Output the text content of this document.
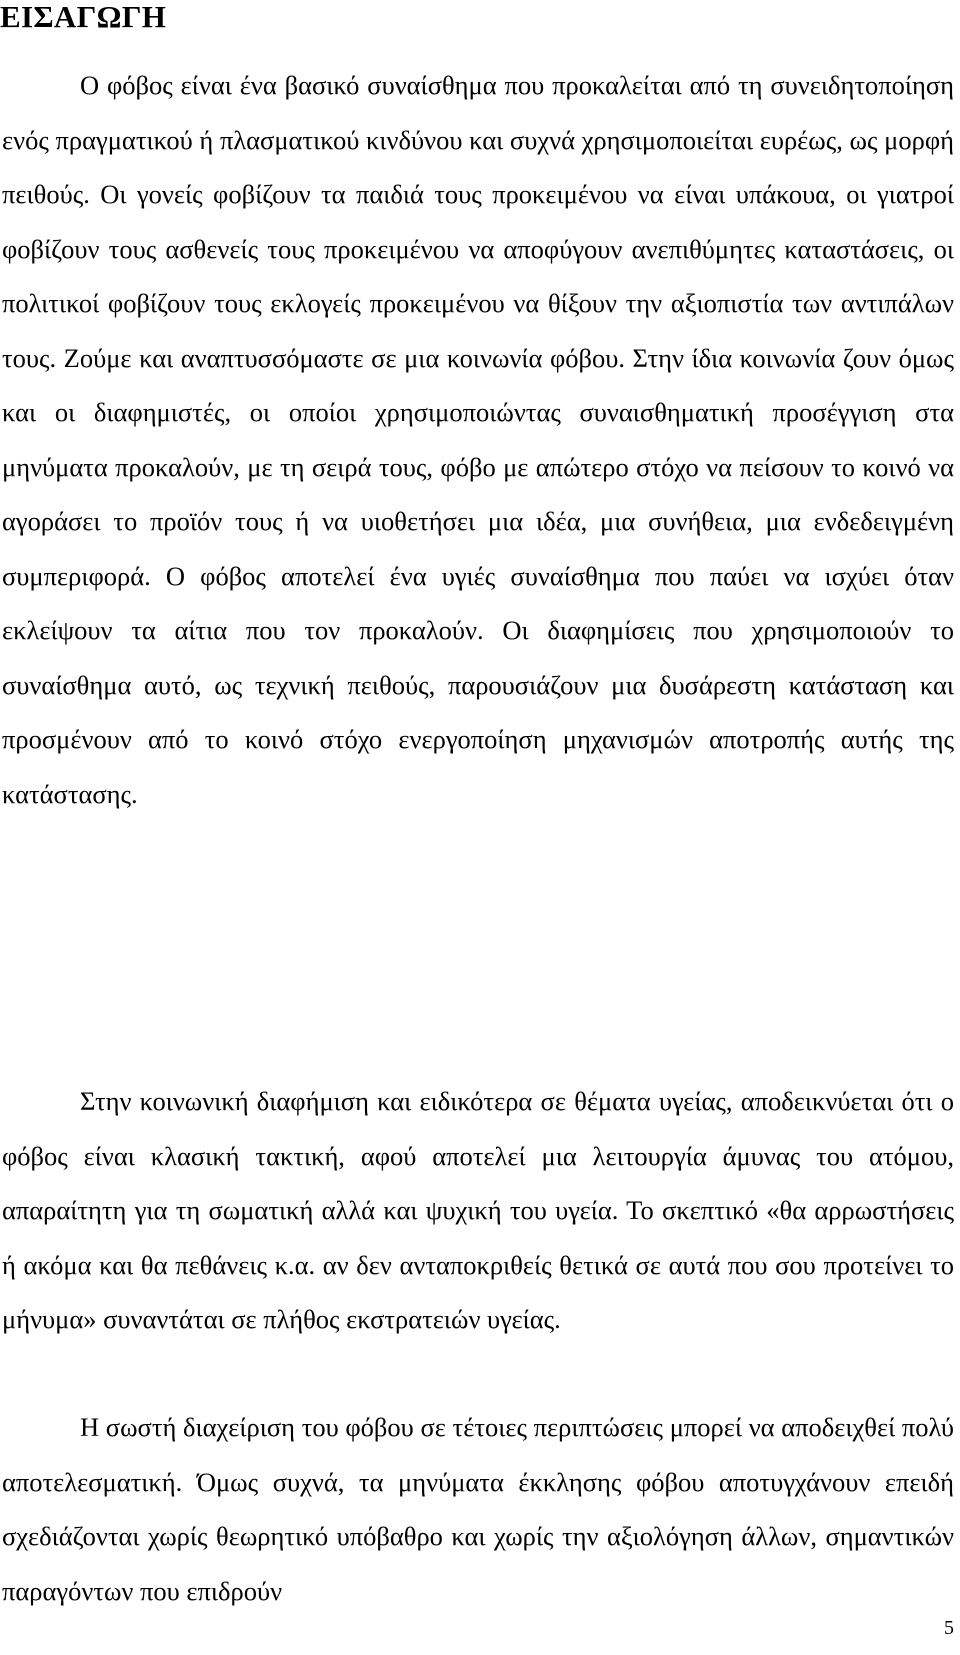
ΕΙΣΑΓΩΓΗ

Ο φόβος είναι ένα βασικό συναίσθημα που προκαλείται από τη συνειδητοποίηση ενός πραγματικού ή πλασματικού κινδύνου και συχνά χρησιμοποιείται ευρέως, ως μορφή πειθούς. Οι γονείς φοβίζουν τα παιδιά τους προκειμένου να είναι υπάκουα, οι γιατροί φοβίζουν τους ασθενείς τους προκειμένου να αποφύγουν ανεπιθύμητες καταστάσεις, οι πολιτικοί φοβίζουν τους εκλογείς προκειμένου να θίξουν την αξιοπιστία των αντιπάλων τους. Ζούμε και αναπτυσσόμαστε σε μια κοινωνία φόβου. Στην ίδια κοινωνία ζουν όμως και οι διαφημιστές, οι οποίοι χρησιμοποιώντας συναισθηματική προσέγγιση στα μηνύματα προκαλούν, με τη σειρά τους, φόβο με απώτερο στόχο να πείσουν το κοινό να αγοράσει το προϊόν τους ή να υιοθετήσει μια ιδέα, μια συνήθεια, μια ενδεδειγμένη συμπεριφορά. Ο φόβος αποτελεί ένα υγιές συναίσθημα που παύει να ισχύει όταν εκλείψουν τα αίτια που τον προκαλούν. Οι διαφημίσεις που χρησιμοποιούν το συναίσθημα αυτό, ως τεχνική πειθούς, παρουσιάζουν μια δυσάρεστη κατάσταση και προσμένουν από το κοινό στόχο ενεργοποίηση μηχανισμών αποτροπής αυτής της κατάστασης.

Στην κοινωνική διαφήμιση και ειδικότερα σε θέματα υγείας, αποδεικνύεται ότι ο φόβος είναι κλασική τακτική, αφού αποτελεί μια λειτουργία άμυνας του ατόμου, απαραίτητη για τη σωματική αλλά και ψυχική του υγεία. Το σκεπτικό «θα αρρωστήσεις ή ακόμα και θα πεθάνεις κ.α. αν δεν ανταποκριθείς θετικά σε αυτά που σου προτείνει το μήνυμα» συναντάται σε πλήθος εκστρατειών υγείας.

Η σωστή διαχείριση του φόβου σε τέτοιες περιπτώσεις μπορεί να αποδειχθεί πολύ αποτελεσματική. Όμως συχνά, τα μηνύματα έκκλησης φόβου αποτυγχάνουν επειδή σχεδιάζονται χωρίς θεωρητικό υπόβαθρο και χωρίς την αξιολόγηση άλλων, σημαντικών παραγόντων που επιδρούν

5
